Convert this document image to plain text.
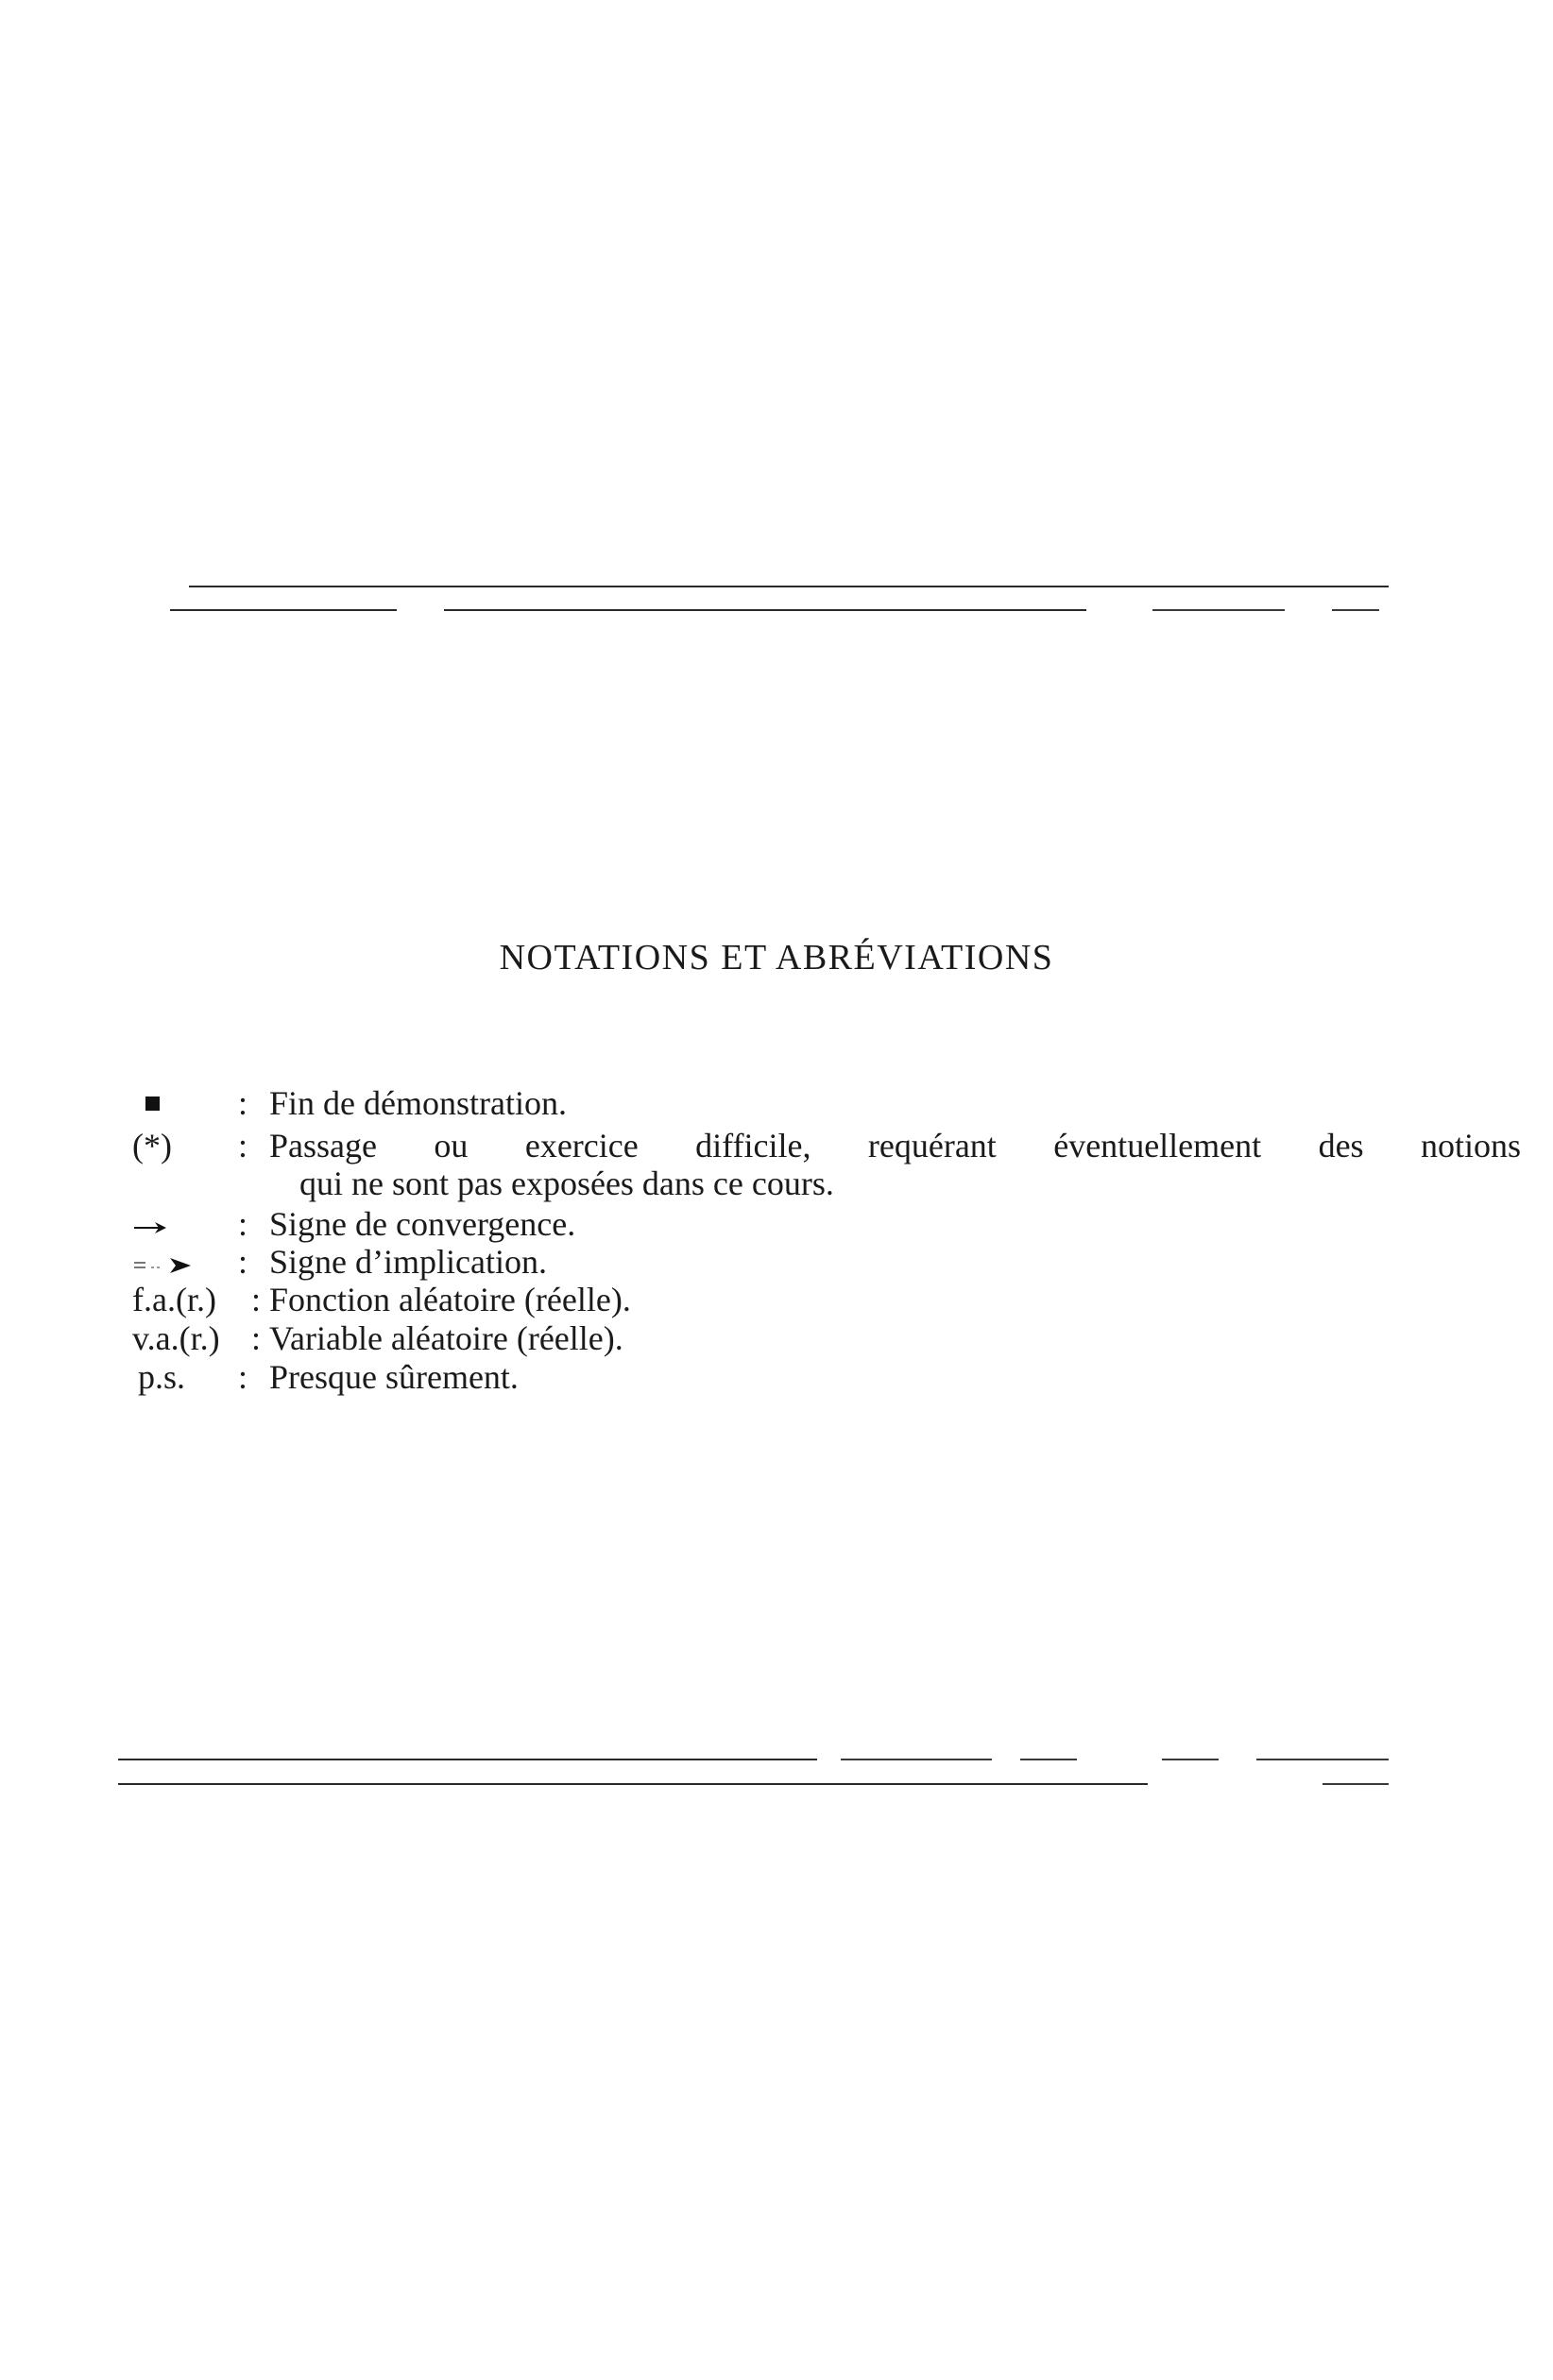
NOTATIONS ET ABRÉVIATIONS
: Fin de démonstration.
(*) : Passage ou exercice difficile, requérant éventuellement des notions
qui ne sont pas exposées dans ce cours.
: Signe de convergence.
: Signe d’implication.
f.a.(r.) : Fonction aléatoire (réelle).
v.a.(r.) : Variable aléatoire (réelle).
p.s. : Presque sûrement.
